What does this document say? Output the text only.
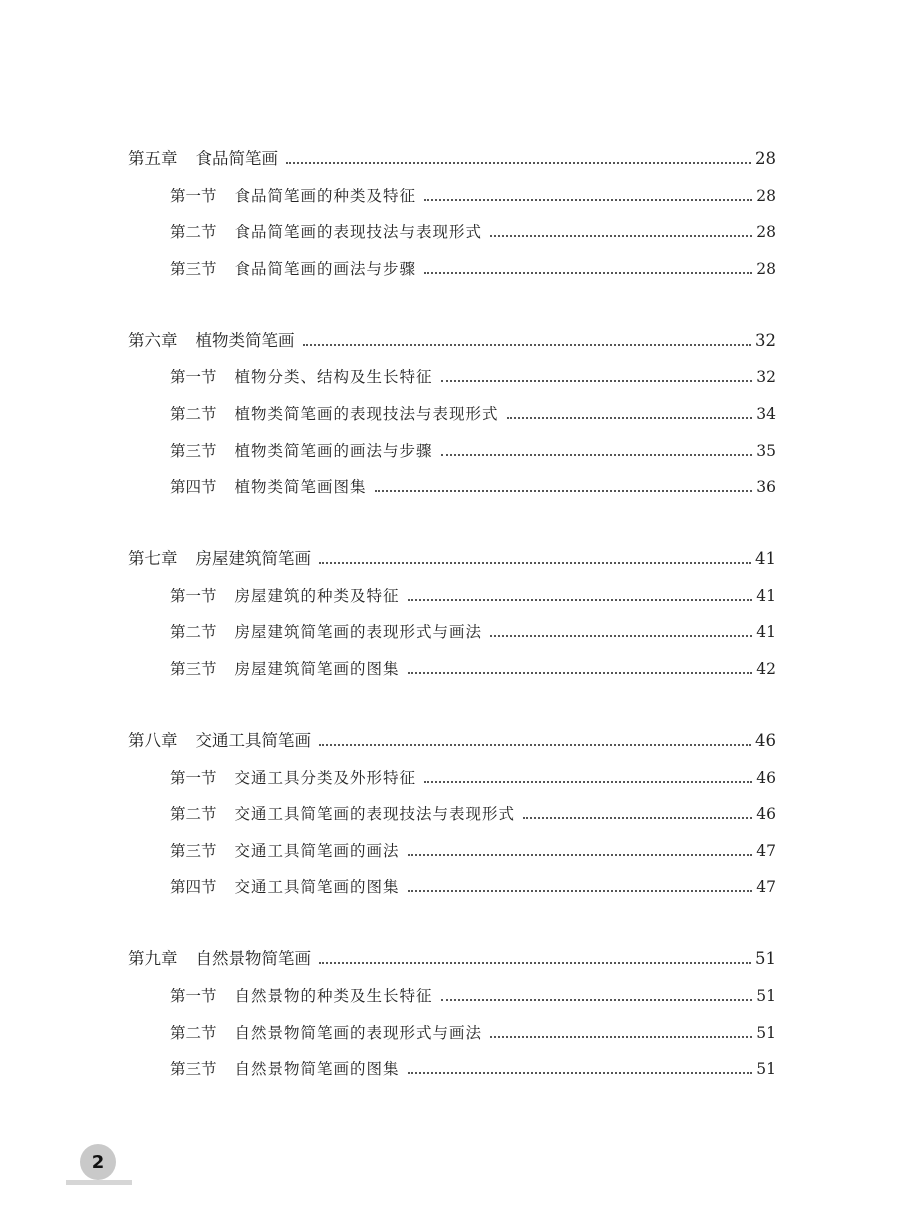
第五章 食品简笔画	28
第一节 食品简笔画的种类及特征	28
第二节 食品简笔画的表现技法与表现形式	28
第三节 食品简笔画的画法与步骤	28
第六章 植物类简笔画	32
第一节 植物分类、结构及生长特征	32
第二节 植物类简笔画的表现技法与表现形式	34
第三节 植物类简笔画的画法与步骤	35
第四节 植物类简笔画图集	36
第七章 房屋建筑简笔画	41
第一节 房屋建筑的种类及特征	41
第二节 房屋建筑简笔画的表现形式与画法	41
第三节 房屋建筑简笔画的图集	42
第八章 交通工具简笔画	46
第一节 交通工具分类及外形特征	46
第二节 交通工具简笔画的表现技法与表现形式	46
第三节 交通工具简笔画的画法	47
第四节 交通工具简笔画的图集	47
第九章 自然景物简笔画	51
第一节 自然景物的种类及生长特征	51
第二节 自然景物简笔画的表现形式与画法	51
第三节 自然景物简笔画的图集	51
2
